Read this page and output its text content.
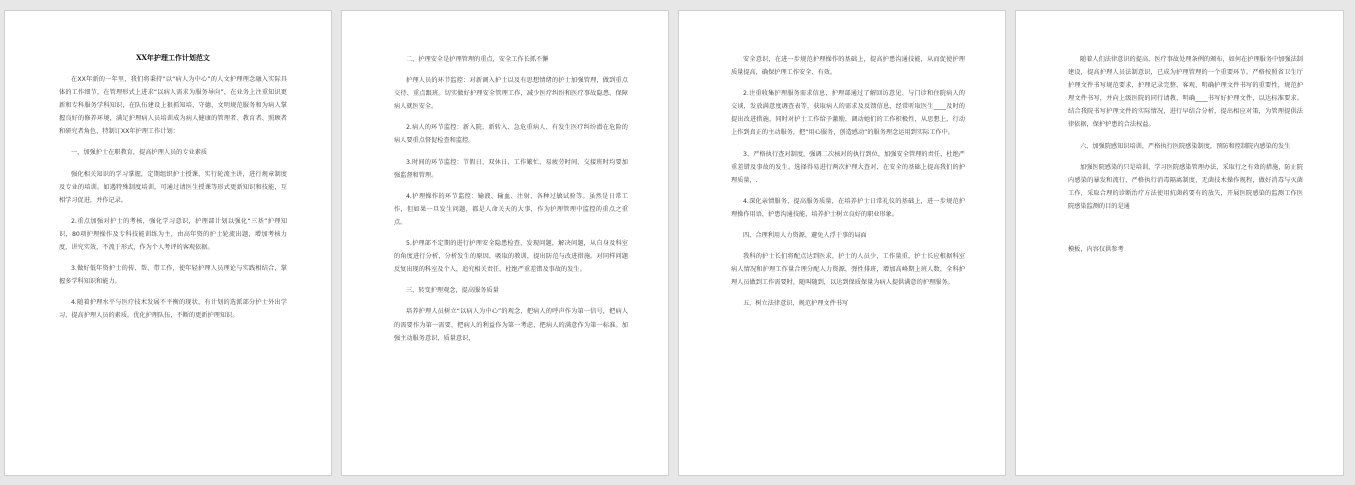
XX年护理工作计划范文

在XX年新的一年里，我们将秉持“以“病人为中心”的人文护理理念融入实际具体的工作细节，在管理形式上进求“以病人需求为服务导向”，在业务上注重知识更新和专科服务学科知识，在队伍建设上狠抓知培、守德、文明规范服务和为病人掌握良好的修养环境，满足护理病人员培训成为病人健康的管理者、教育者、照顾者和研究者角色，特制订XX年护理工作计划：

一、加强护士在职教育，提高护理人员的专业素质

强化相关知识的学习掌握，定期组织护士授课，实行轮流主讲，进行规章制度及专业的培训。如遇特殊制度培训，可通过请医生授课等形式更新知识和技能，互相学习促进，并作记录。

2.重点加强对护士的考核，强化学习意识，护理部计划以强化“三基”护理知识，80项护理操作及专科技能训练为主，由高年资的护士轮流出题，增加考核力度，讲究实效，不流于形式，作为个人考评的客观依据。

3.做好低年资护士的传、帮、带工作，使年轻护理人员理论与实践相结合，掌握多学科知识和能力。

4.随着护理水平与医疗技术发展不平衡的现状，有计划的选派部分护士外出学习，提高护理人员的素质，优化护理队伍，不断的更新护理知识。

二、护理安全是护理管理的重点，安全工作长抓不懈

护理人员的环节监控：对新调入护士以及有思想情绪的护士加强管理，做到重点交待、重点跟班。切实做好护理安全管理工作，减少医疗纠纷和医疗事故隐患，保障病人就医安全。

2.病人的环节监控：新入院、新转入、急危重病人、有发生医疗纠纷潜在危险的病人要重点督促检查和监控。

3.时间的环节监控：节假日、双休日、工作繁忙、易疲劳时间、交接班时均要加强监督和管理。

4.护理操作的环节监控：输液、输血、注射、各种过敏试验等。虽然是日常工作，但如果一旦发生问题，都是人命关天的大事，作为护理管理中监控的重点之重点。

5.护理部不定期的进行护理安全隐患检查，发现问题，解决问题，从自身及科室的角度进行分析，分析发生的原因，吸取的教训，提出防范与改进措施。对同样问题反复出现的科室及个人，追究相关责任，杜绝严重差错及事故的发生。

三、转变护理观念，提高服务质量

培养护理人员树立“以病人为中心”的观念，把病人的呼声作为第一信号，把病人的需要作为第一需要，把病人的利益作为第一考虑，把病人的满意作为第一标准。加强主动服务意识，质量意识，

安全意识，在进一步规范护理操作的基础上，提高护患沟通技能，从而促使护理质量提高，确保护理工作安全、有效。

2.注重收集护理服务需求信息，护理部通过了解回访意见、与门诊和住院病人的交谈，发放满意度调查表等，获取病人的需求及反馈信息，经常听取医生____及时的提出改进措施，同时对护士工作给予激励，调动她们的工作积极性，从思想上，行动上作到真正的主动服务，把“用心服务，创造感动”的服务理念运用到实际工作中。

3、严格执行查对制度，强调二次核对的执行到位，加强安全管理的责任，杜绝严重差错及事故的发生。选择得易进行两次护理大查对，在安全的基础上提高我们的护理质量，.

4.深化亲情服务，提高服务质量，在培养护士日常礼仪的基础上，进一步规范护理操作用语，护患沟通技能，培养护士树立良好的职业形象。

四、合理利用人力资源，避免人浮于事的局面

我科的护士长们将配点达到医求，护士的人员少，工作量重，护士长应根据科室病人情况和护理工作量合理分配人力资源，弹性排班，增加高峰期上班人数，全科护理人员做到工作需要时，随叫随到，以达到保质保量为病人提供满意的护理服务。

五、树立法律意识，规范护理文件书写

随着人们法律意识的提高，医疗事故处理条例的颁布，如何在护理服务中加强法制建设，提高护理人员法制意识，已成为护理管理的一个重要环节。严格按照省卫生厅护理文件书写规范要求，护理记录完整、客观，明确护理文件书写的重要性，规范护理文件书写，并向上级医院的同行请教，明确____书写好护理文件，以达标准要求。结合我院书写护理文件的实际情况，进行早结合分析，提出相应对策，为管理提供法律依据，保护护患的合法权益。

六、加强院感知识培训，严格执行医院感染制度，预防和控制院内感染的发生

加强医院感染的只是培训，学习医院感染管理办法，采取行之有效的措施，防止院内感染的暴发和流行，严格执行消毒隔离制度，无菌技术操作规程，做好消毒与灭菌工作，采取合理的诊断治疗方法使用抗菌药要有的放矢，开展医院感染的监测工作医院感染监测的目的是通

模板，内容仅供参考
